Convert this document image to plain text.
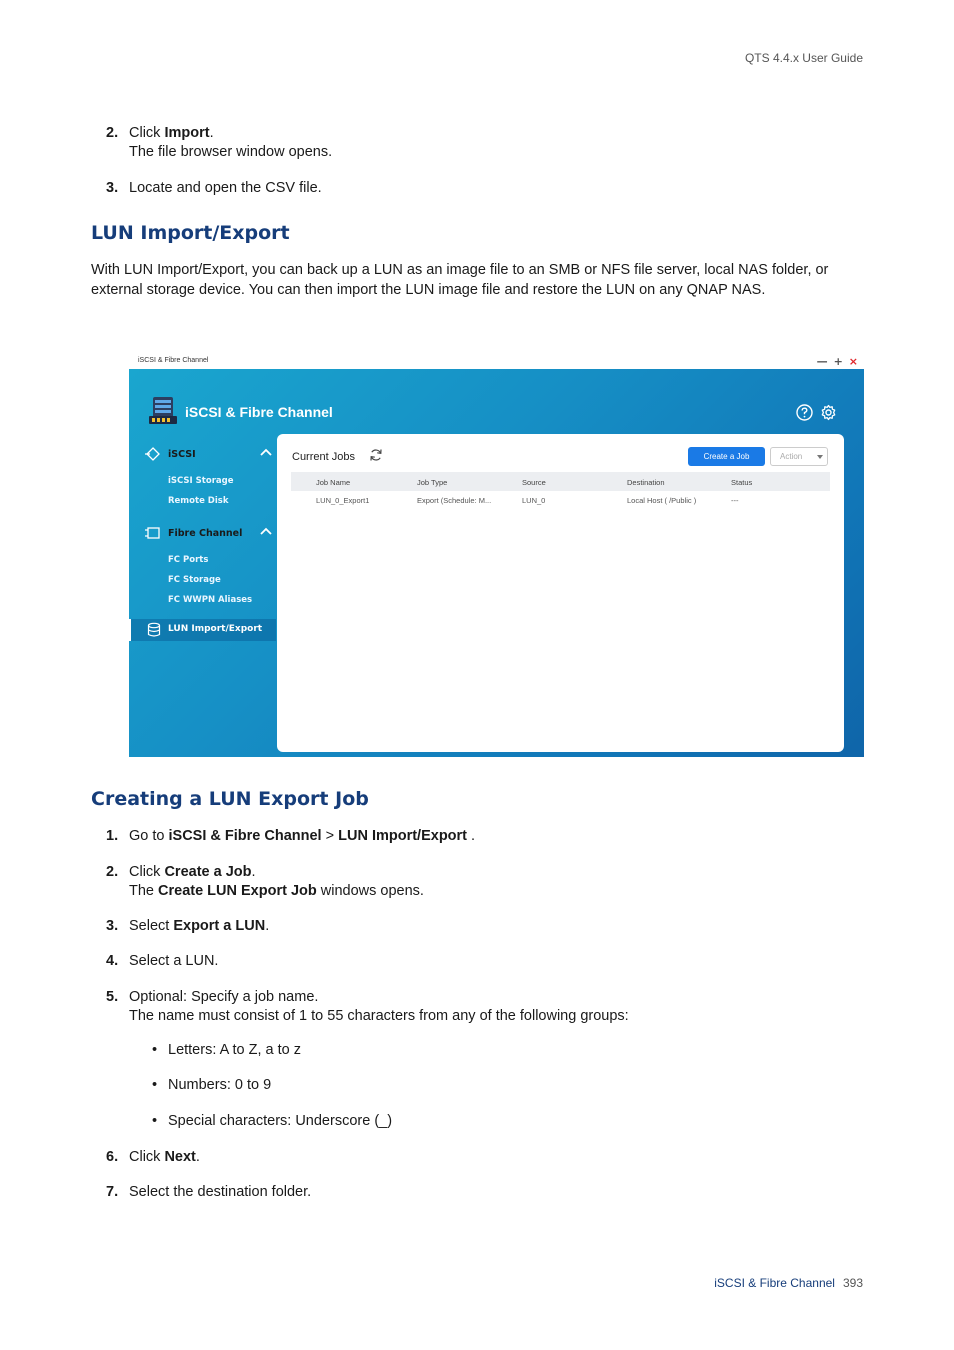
QTS 4.4.x User Guide
2. Click Import.
The file browser window opens.
3. Locate and open the CSV file.
LUN Import/Export
With LUN Import/Export, you can back up a LUN as an image file to an SMB or NFS file server, local NAS folder, or external storage device. You can then import the LUN image file and restore the LUN on any QNAP NAS.
iSCSI & Fibre Channel	— + ×
iSCSI & Fibre Channel
iSCSI
iSCSI Storage
Remote Disk
Fibre Channel
FC Ports
FC Storage
FC WWPN Aliases
LUN Import/Export
Current Jobs	Create a Job	Action
Job Name	Job Type	Source	Destination	Status
LUN_0_Export1	Export (Schedule: M...	LUN_0	Local Host ( /Public )	---
Creating a LUN Export Job
1. Go to iSCSI & Fibre Channel > LUN Import/Export .
2. Click Create a Job.
The Create LUN Export Job windows opens.
3. Select Export a LUN.
4. Select a LUN.
5. Optional: Specify a job name.
The name must consist of 1 to 55 characters from any of the following groups:
• Letters: A to Z, a to z
• Numbers: 0 to 9
• Special characters: Underscore (_)
6. Click Next.
7. Select the destination folder.
iSCSI & Fibre Channel 393
